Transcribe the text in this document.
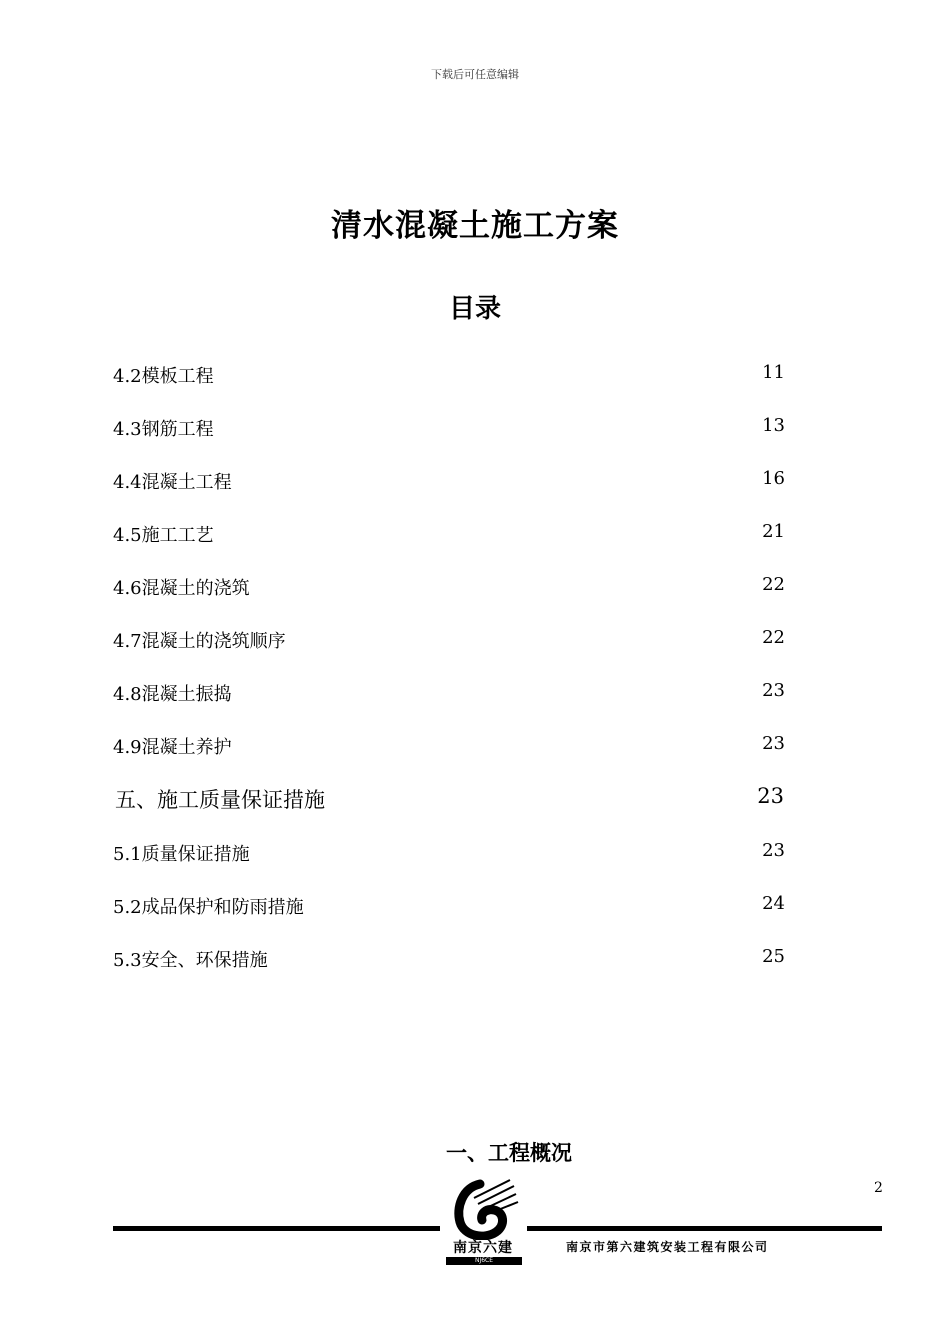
下载后可任意编辑
清水混凝土施工方案
目录
4.2模板工程	11
4.3钢筋工程	13
4.4混凝土工程	16
4.5施工工艺	21
4.6混凝土的浇筑	22
4.7混凝土的浇筑顺序	22
4.8混凝土振捣	23
4.9混凝土养护	23
五、施工质量保证措施	23
5.1质量保证措施	23
5.2成品保护和防雨措施	24
5.3安全、环保措施	25
一、工程概况
2
南京六建
NJ6CE
南京市第六建筑安装工程有限公司
